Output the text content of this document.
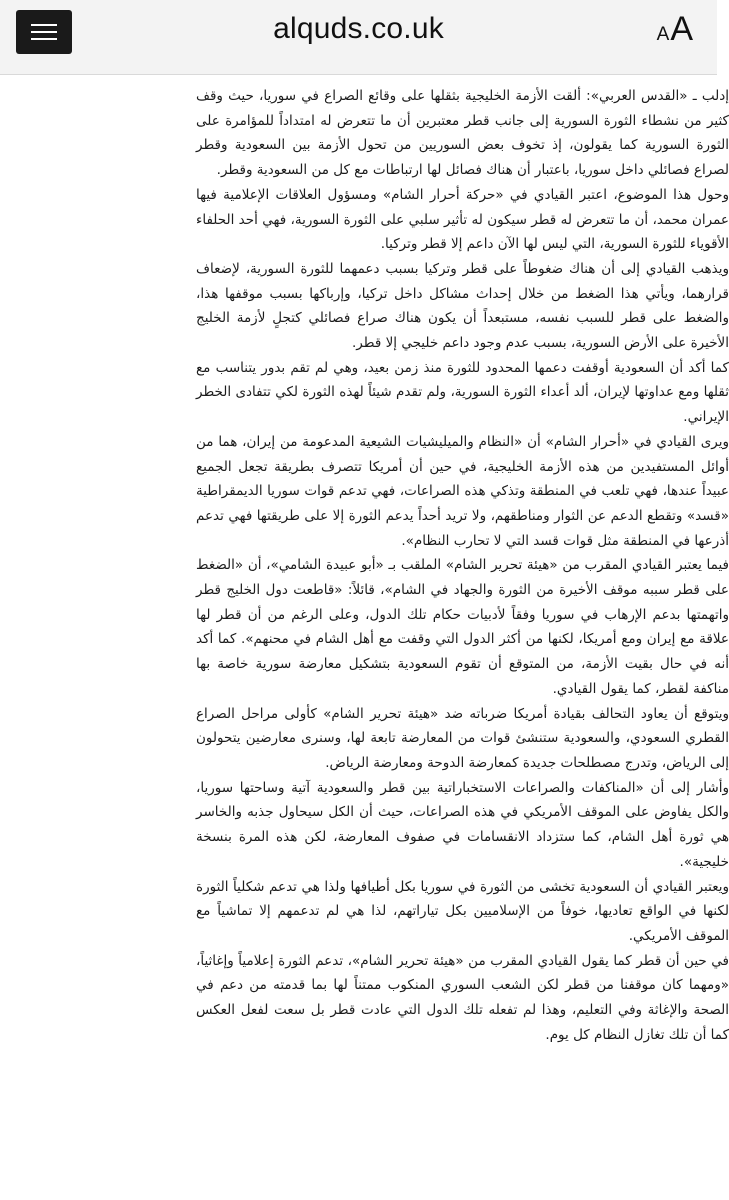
alquds.co.uk	A A

إدلب ـ «القدس العربي»: ألقت الأزمة الخليجية بثقلها على وقائع الصراع في سوريا، حيث وقف كثير من نشطاء الثورة السورية إلى جانب قطر معتبرين أن ما تتعرض له امتداداً للمؤامرة على الثورة السورية كما يقولون، إذ تخوف بعض السوريين من تحول الأزمة بين السعودية وقطر لصراع فصائلي داخل سوريا، باعتبار أن هناك فصائل لها ارتباطات مع كل من السعودية وقطر.

وحول هذا الموضوع، اعتبر القيادي في «حركة أحرار الشام» ومسؤول العلاقات الإعلامية فيها عمران محمد، أن ما تتعرض له قطر سيكون له تأثير سلبي على الثورة السورية، فهي أحد الحلفاء الأقوياء للثورة السورية، التي ليس لها الآن داعم إلا قطر وتركيا.

ويذهب القيادي إلى أن هناك ضغوطاً على قطر وتركيا بسبب دعمهما للثورة السورية، لإضعاف قرارهما، ويأتي هذا الضغط من خلال إحداث مشاكل داخل تركيا، وإرباكها بسبب موقفها هذا، والضغط على قطر للسبب نفسه، مستبعداً أن يكون هناك صراع فصائلي كتجلٍ لأزمة الخليج الأخيرة على الأرض السورية، بسبب عدم وجود داعم خليجي إلا قطر.

كما أكد أن السعودية أوقفت دعمها المحدود للثورة منذ زمن بعيد، وهي لم تقم بدور يتناسب مع ثقلها ومع عداوتها لإيران، ألد أعداء الثورة السورية، ولم تقدم شيئاً لهذه الثورة لكي تتفادى الخطر الإيراني.

ويرى القيادي في «أحرار الشام» أن «النظام والميليشيات الشيعية المدعومة من إيران، هما من أوائل المستفيدين من هذه الأزمة الخليجية، في حين أن أمريكا تتصرف بطريقة تجعل الجميع عبيداً عندها، فهي تلعب في المنطقة وتذكي هذه الصراعات، فهي تدعم قوات سوريا الديمقراطية «قسد» وتقطع الدعم عن الثوار ومناطقهم، ولا تريد أحداً يدعم الثورة إلا على طريقتها فهي تدعم أذرعها في المنطقة مثل قوات قسد التي لا تحارب النظام».

فيما يعتبر القيادي المقرب من «هيئة تحرير الشام» الملقب بـ «أبو عبيدة الشامي»، أن «الضغط على قطر سببه موقف الأخيرة من الثورة والجهاد في الشام»، قائلاً: «قاطعت دول الخليج قطر واتهمتها بدعم الإرهاب في سوريا وفقاً لأدبيات حكام تلك الدول، وعلى الرغم من أن قطر لها علاقة مع إيران ومع أمريكا، لكنها من أكثر الدول التي وقفت مع أهل الشام في محنهم». كما أكد أنه في حال بقيت الأزمة، من المتوقع أن تقوم السعودية بتشكيل معارضة سورية خاصة بها مناكفة لقطر، كما يقول القيادي.

ويتوقع أن يعاود التحالف بقيادة أمريكا ضرباته ضد «هيئة تحرير الشام» كأولى مراحل الصراع القطري السعودي، والسعودية ستنشئ قوات من المعارضة تابعة لها، وسنرى معارضين يتحولون إلى الرياض، وتدرج مصطلحات جديدة كمعارضة الدوحة ومعارضة الرياض.

وأشار إلى أن «المناكفات والصراعات الاستخباراتية بين قطر والسعودية آتية وساحتها سوريا، والكل يفاوض على الموقف الأمريكي في هذه الصراعات، حيث أن الكل سيحاول جذبه والخاسر هي ثورة أهل الشام، كما ستزداد الانقسامات في صفوف المعارضة، لكن هذه المرة بنسخة خليجية».

ويعتبر القيادي أن السعودية تخشى من الثورة في سوريا بكل أطيافها ولذا هي تدعم شكلياً الثورة لكنها في الواقع تعاديها، خوفاً من الإسلاميين بكل تياراتهم، لذا هي لم تدعمهم إلا تماشياً مع الموقف الأمريكي.

في حين أن قطر كما يقول القيادي المقرب من «هيئة تحرير الشام»، تدعم الثورة إعلامياً وإغاثياً، «ومهما كان موقفنا من قطر لكن الشعب السوري المنكوب ممتناً لها بما قدمته من دعم في الصحة والإغاثة وفي التعليم، وهذا لم تفعله تلك الدول التي عادت قطر بل سعت لفعل العكس كما أن تلك تغازل النظام كل يوم.
